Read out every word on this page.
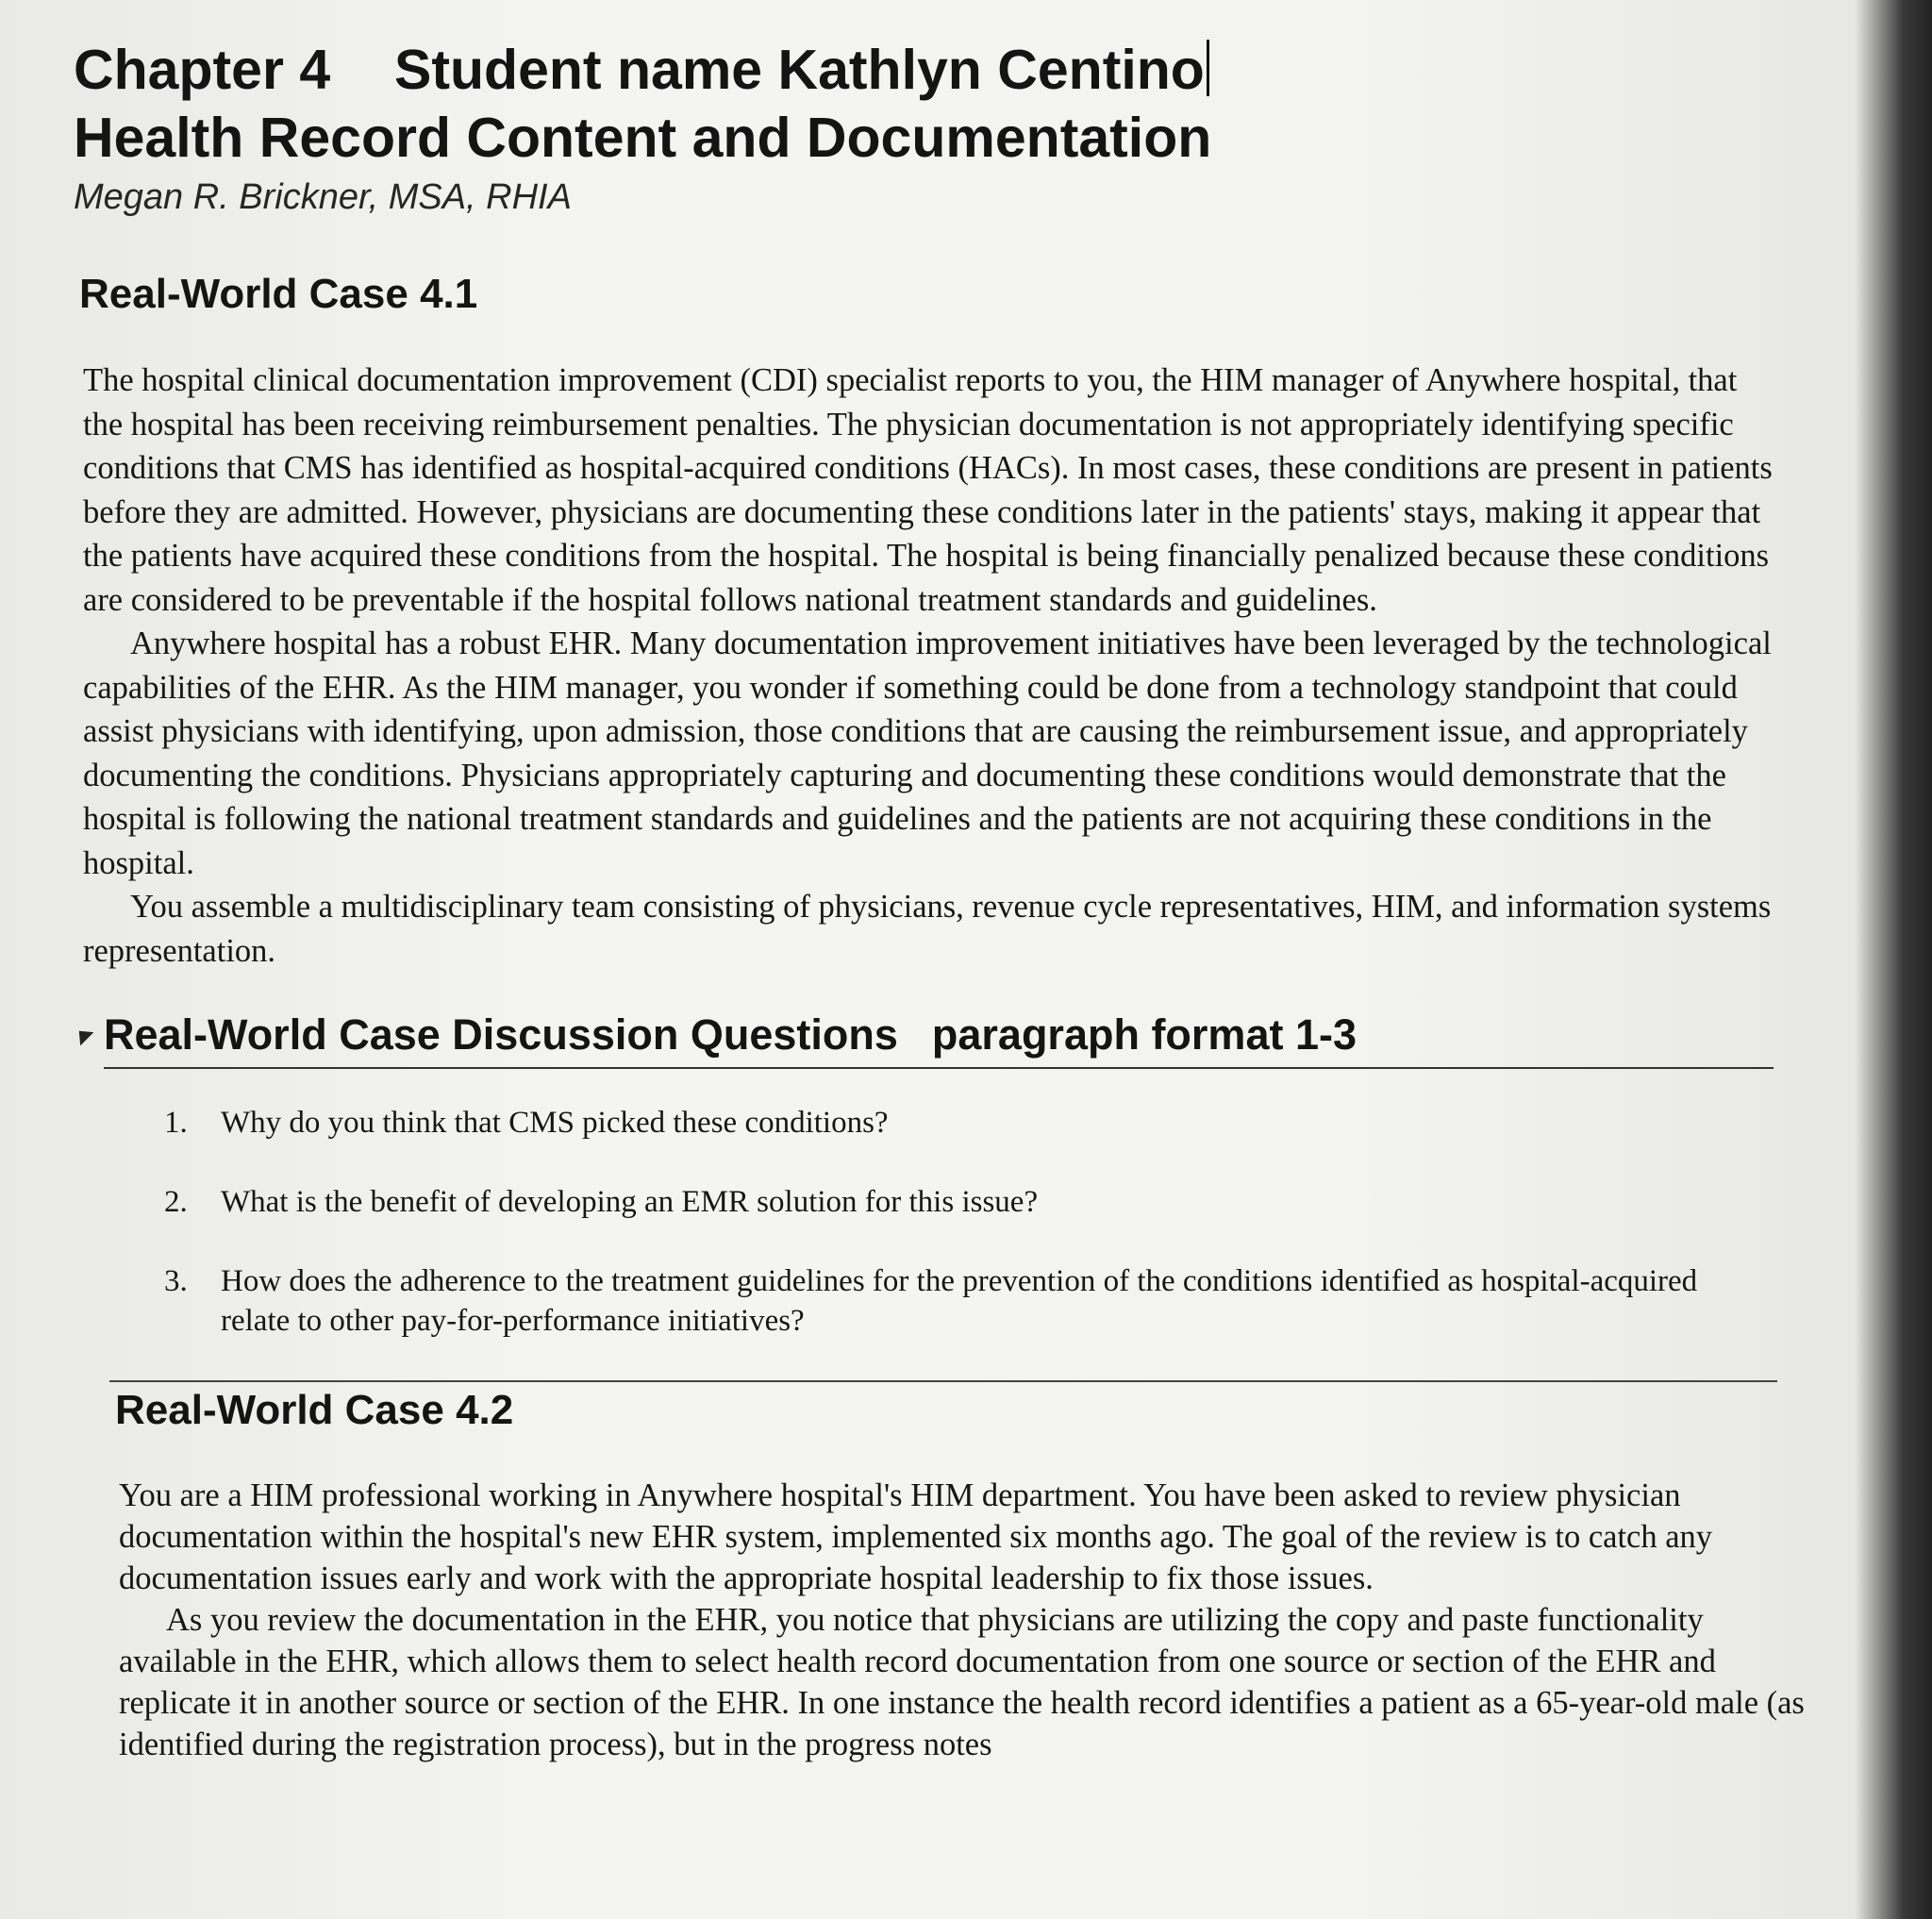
Chapter 4 Student name Kathlyn Centino
Health Record Content and Documentation
Megan R. Brickner, MSA, RHIA
Real-World Case 4.1

The hospital clinical documentation improvement (CDI) specialist reports to you, the HIM manager of Anywhere hospital, that the hospital has been receiving reimbursement penalties. The physician documentation is not appropriately identifying specific conditions that CMS has identified as hospital-acquired conditions (HACs). In most cases, these conditions are present in patients before they are admitted. However, physicians are documenting these conditions later in the patients' stays, making it appear that the patients have acquired these conditions from the hospital. The hospital is being financially penalized because these conditions are considered to be preventable if the hospital follows national treatment standards and guidelines.

Anywhere hospital has a robust EHR. Many documentation improvement initiatives have been leveraged by the technological capabilities of the EHR. As the HIM manager, you wonder if something could be done from a technology standpoint that could assist physicians with identifying, upon admission, those conditions that are causing the reimbursement issue, and appropriately documenting the conditions. Physicians appropriately capturing and documenting these conditions would demonstrate that the hospital is following the national treatment standards and guidelines and the patients are not acquiring these conditions in the hospital.

You assemble a multidisciplinary team consisting of physicians, revenue cycle representatives, HIM, and information systems representation.

Real-World Case Discussion Questions paragraph format 1-3
1. Why do you think that CMS picked these conditions?
2. What is the benefit of developing an EMR solution for this issue?
3. How does the adherence to the treatment guidelines for the prevention of the conditions identified as hospital-acquired relate to other pay-for-performance initiatives?
Real-World Case 4.2

You are a HIM professional working in Anywhere hospital's HIM department. You have been asked to review physician documentation within the hospital's new EHR system, implemented six months ago. The goal of the review is to catch any documentation issues early and work with the appropriate hospital leadership to fix those issues.

As you review the documentation in the EHR, you notice that physicians are utilizing the copy and paste functionality available in the EHR, which allows them to select health record documentation from one source or section of the EHR and replicate it in another source or section of the EHR. In one instance the health record identifies a patient as a 65-year-old male (as identified during the registration process), but in the progress notes
